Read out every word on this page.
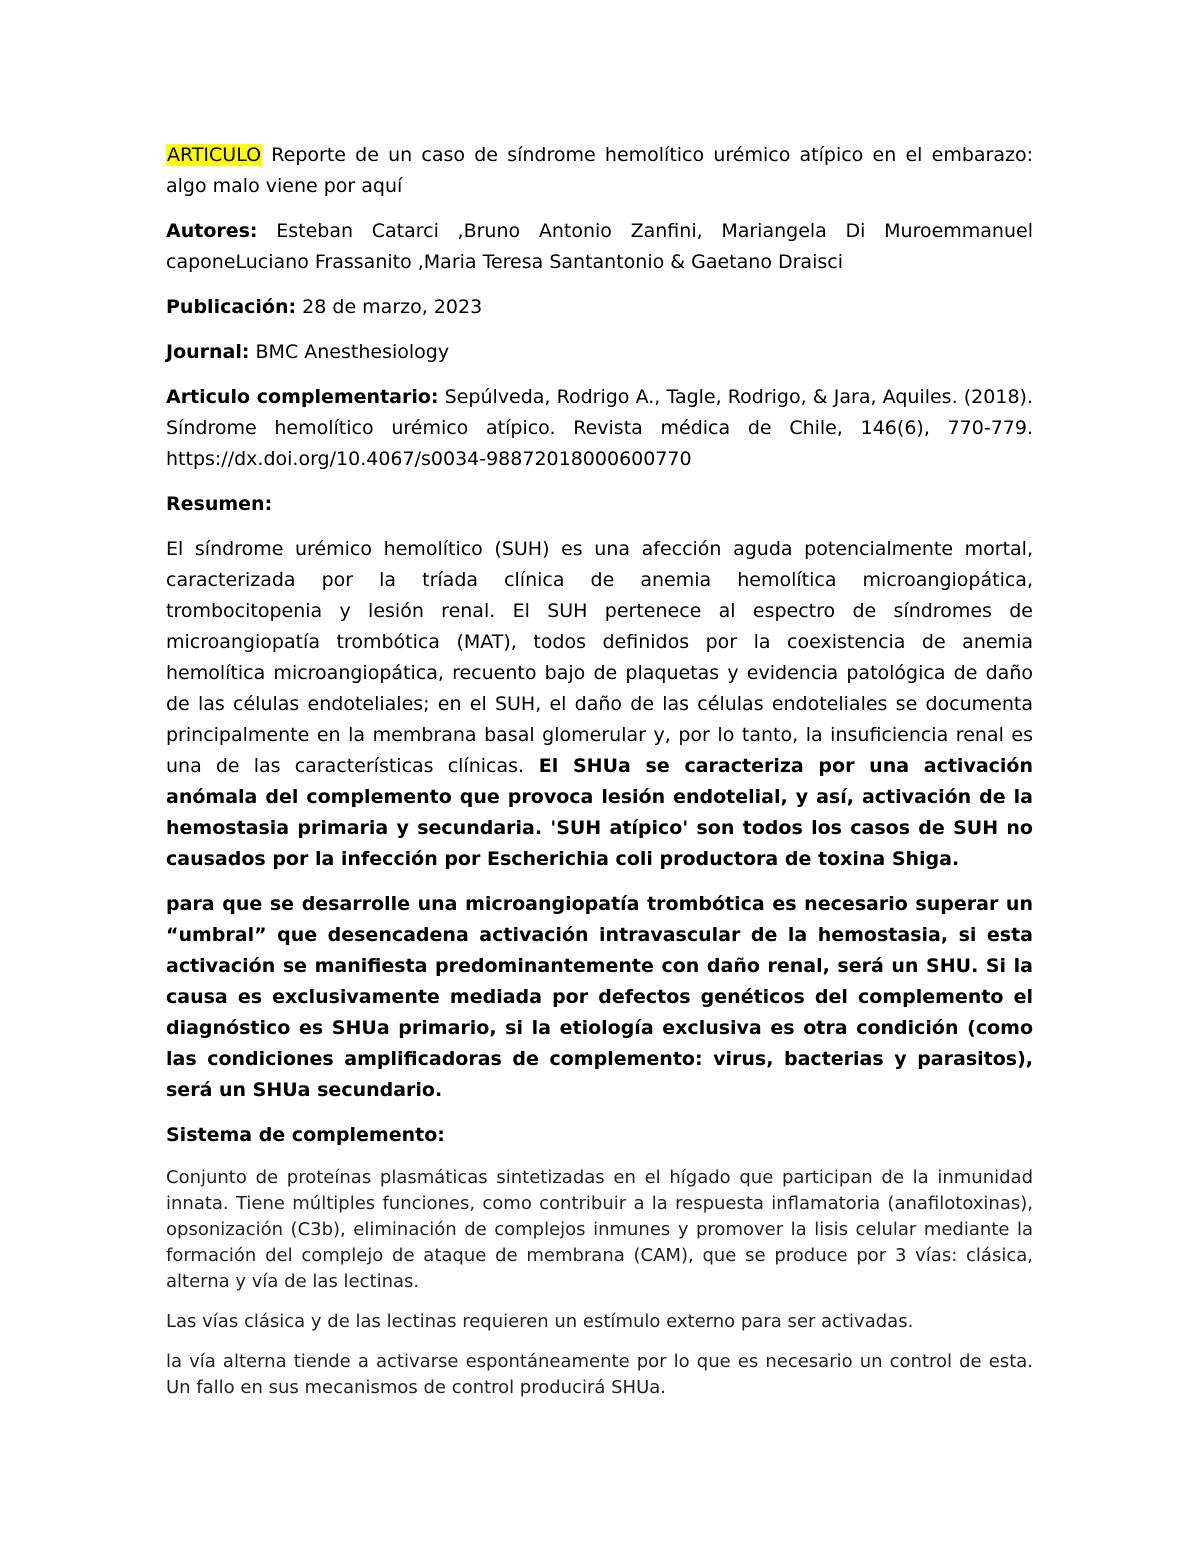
ARTICULO Reporte de un caso de síndrome hemolítico urémico atípico en el embarazo: algo malo viene por aquí

Autores: Esteban Catarci ,Bruno Antonio Zanfini, Mariangela Di Muroemmanuel caponeLuciano Frassanito ,Maria Teresa Santantonio & Gaetano Draisci

Publicación: 28 de marzo, 2023

Journal: BMC Anesthesiology

Articulo complementario: Sepúlveda, Rodrigo A., Tagle, Rodrigo, & Jara, Aquiles. (2018). Síndrome hemolítico urémico atípico. Revista médica de Chile, 146(6), 770-779. https://dx.doi.org/10.4067/s0034-98872018000600770

Resumen:

El síndrome urémico hemolítico (SUH) es una afección aguda potencialmente mortal, caracterizada por la tríada clínica de anemia hemolítica microangiopática, trombocitopenia y lesión renal. El SUH pertenece al espectro de síndromes de microangiopatía trombótica (MAT), todos definidos por la coexistencia de anemia hemolítica microangiopática, recuento bajo de plaquetas y evidencia patológica de daño de las células endoteliales; en el SUH, el daño de las células endoteliales se documenta principalmente en la membrana basal glomerular y, por lo tanto, la insuficiencia renal es una de las características clínicas. El SHUa se caracteriza por una activación anómala del complemento que provoca lesión endotelial, y así, activación de la hemostasia primaria y secundaria. 'SUH atípico' son todos los casos de SUH no causados por la infección por Escherichia coli productora de toxina Shiga.

para que se desarrolle una microangiopatía trombótica es necesario superar un “umbral” que desencadena activación intravascular de la hemostasia, si esta activación se manifiesta predominantemente con daño renal, será un SHU. Si la causa es exclusivamente mediada por defectos genéticos del complemento el diagnóstico es SHUa primario, si la etiología exclusiva es otra condición (como las condiciones amplificadoras de complemento: virus, bacterias y parasitos), será un SHUa secundario.

Sistema de complemento:

Conjunto de proteínas plasmáticas sintetizadas en el hígado que participan de la inmunidad innata. Tiene múltiples funciones, como contribuir a la respuesta inflamatoria (anafilotoxinas), opsonización (C3b), eliminación de complejos inmunes y promover la lisis celular mediante la formación del complejo de ataque de membrana (CAM), que se produce por 3 vías: clásica, alterna y vía de las lectinas.

Las vías clásica y de las lectinas requieren un estímulo externo para ser activadas.

la vía alterna tiende a activarse espontáneamente por lo que es necesario un control de esta. Un fallo en sus mecanismos de control producirá SHUa.
